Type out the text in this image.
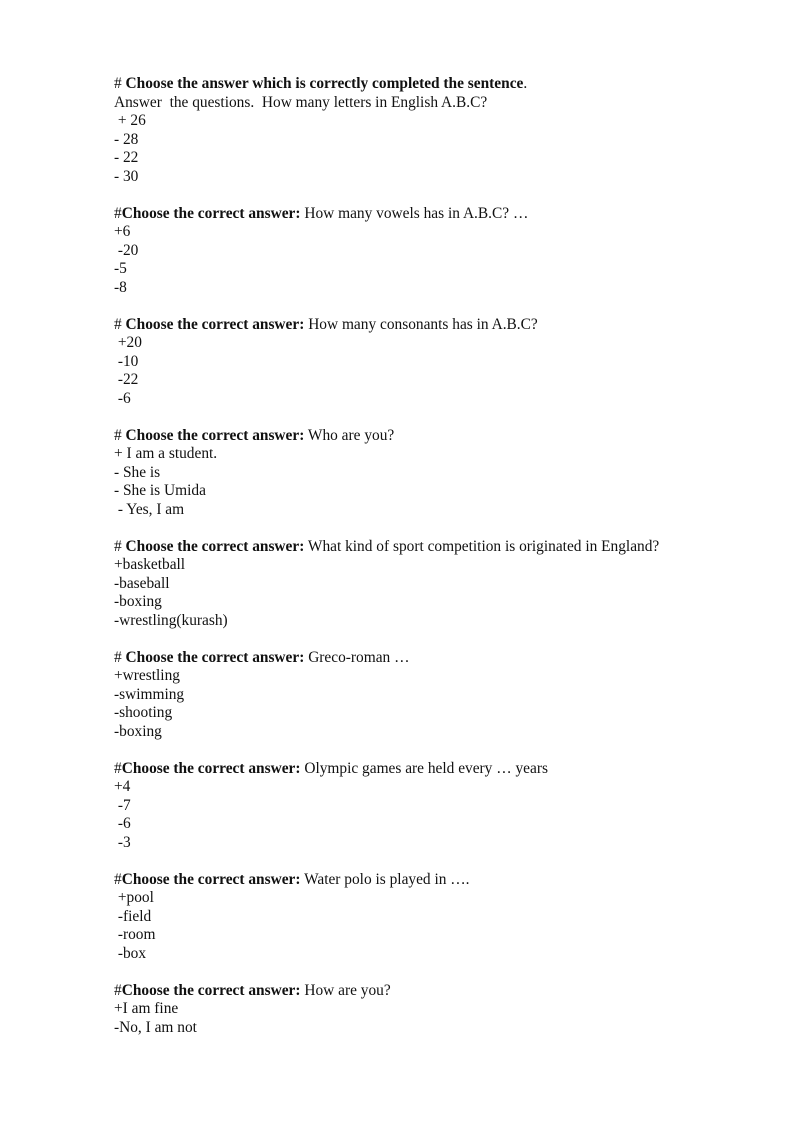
# Choose the answer which is correctly completed the sentence.
Answer  the questions.  How many letters in English A.B.C?
+ 26
- 28
- 22
- 30
#Choose the correct answer: How many vowels has in A.B.C? …
+6
-20
-5
-8
# Choose the correct answer: How many consonants has in A.B.C?
+20
-10
-22
-6
# Choose the correct answer: Who are you?
+ I am a student.
- She is
- She is Umida
- Yes, I am
# Choose the correct answer: What kind of sport competition is originated in England?
+basketball
-baseball
-boxing
-wrestling(kurash)
# Choose the correct answer: Greco-roman …
+wrestling
-swimming
-shooting
-boxing
#Choose the correct answer: Olympic games are held every … years
+4
-7
-6
-3
#Choose the correct answer: Water polo is played in ….
+pool
-field
-room
-box
#Choose the correct answer: How are you?
+I am fine
-No, I am not
